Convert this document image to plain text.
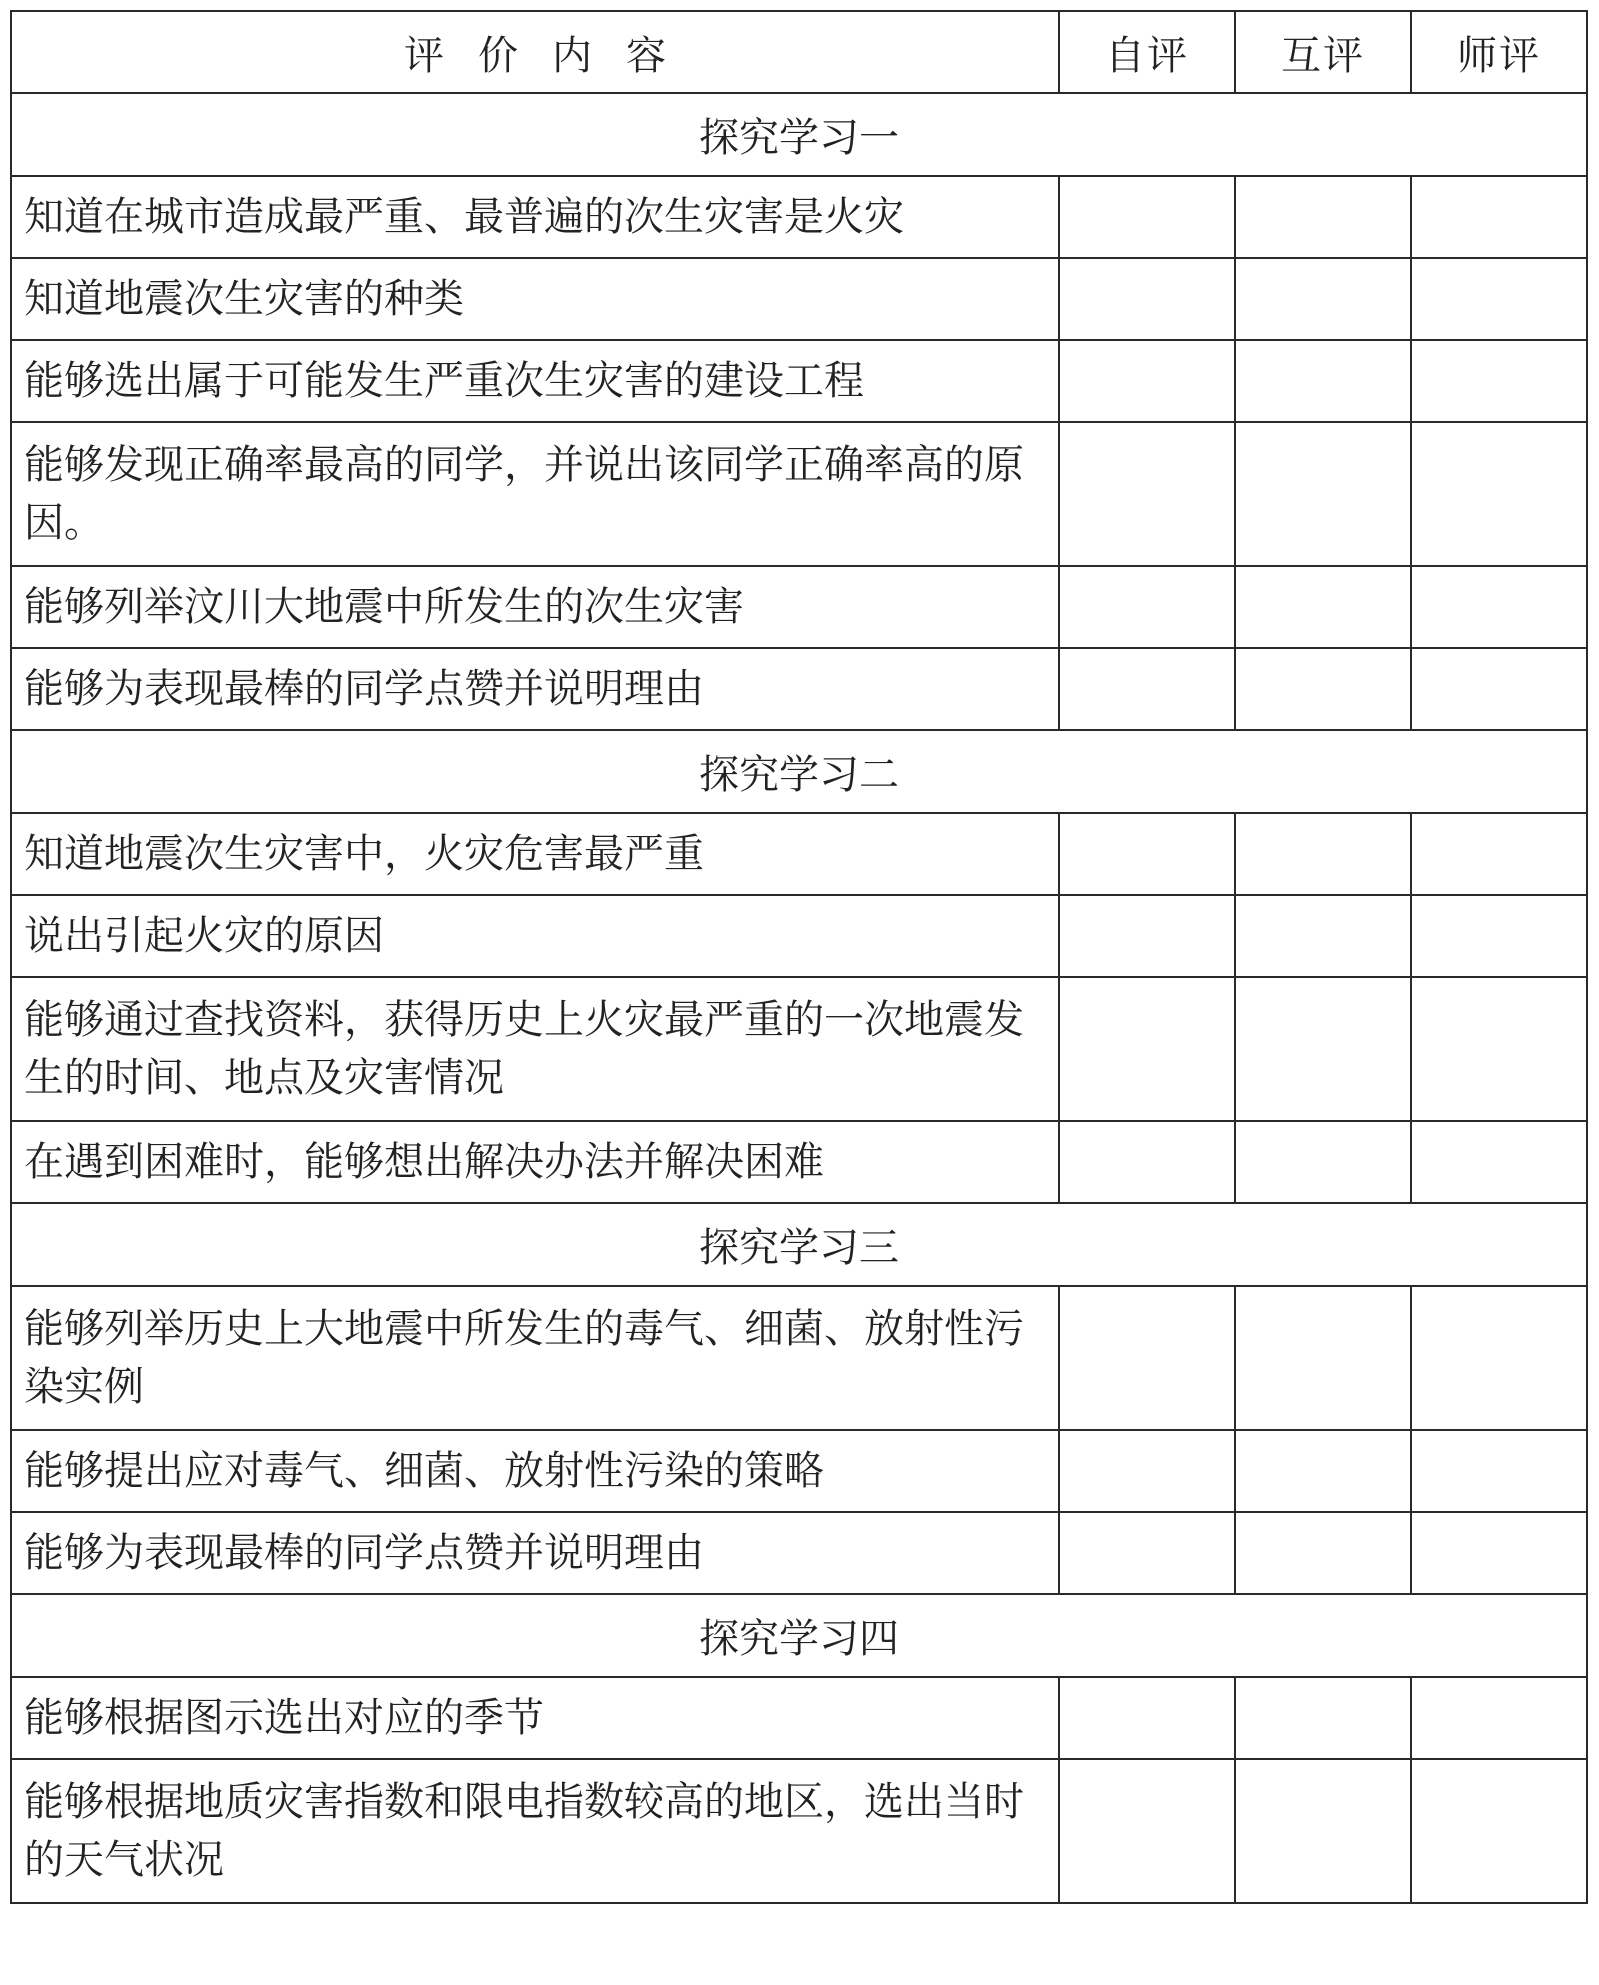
评价内容	自评	互评	师评
探究学习一			
知道在城市造成最严重、最普遍的次生灾害是火灾			
知道地震次生灾害的种类			
能够选出属于可能发生严重次生灾害的建设工程			
能够发现正确率最高的同学，并说出该同学正确率高的原因。			
能够列举汶川大地震中所发生的次生灾害			
能够为表现最棒的同学点赞并说明理由			
探究学习二			
知道地震次生灾害中，火灾危害最严重			
说出引起火灾的原因			
能够通过查找资料，获得历史上火灾最严重的一次地震发生的时间、地点及灾害情况			
在遇到困难时，能够想出解决办法并解决困难			
探究学习三			
能够列举历史上大地震中所发生的毒气、细菌、放射性污染实例			
能够提出应对毒气、细菌、放射性污染的策略			
能够为表现最棒的同学点赞并说明理由			
探究学习四			
能够根据图示选出对应的季节			
能够根据地质灾害指数和限电指数较高的地区，选出当时的天气状况			
